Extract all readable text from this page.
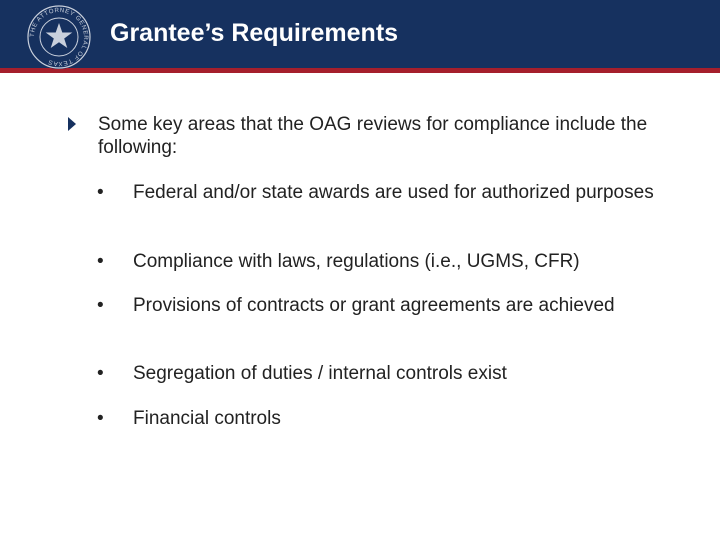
THE ATTORNEY GENERAL OF TEXAS
Grantee’s Requirements
Some key areas that the OAG reviews for compliance include the following:
• Federal and/or state awards are used for authorized purposes
• Compliance with laws, regulations (i.e., UGMS, CFR)
• Provisions of contracts or grant agreements are achieved
• Segregation of duties / internal controls exist
• Financial controls
